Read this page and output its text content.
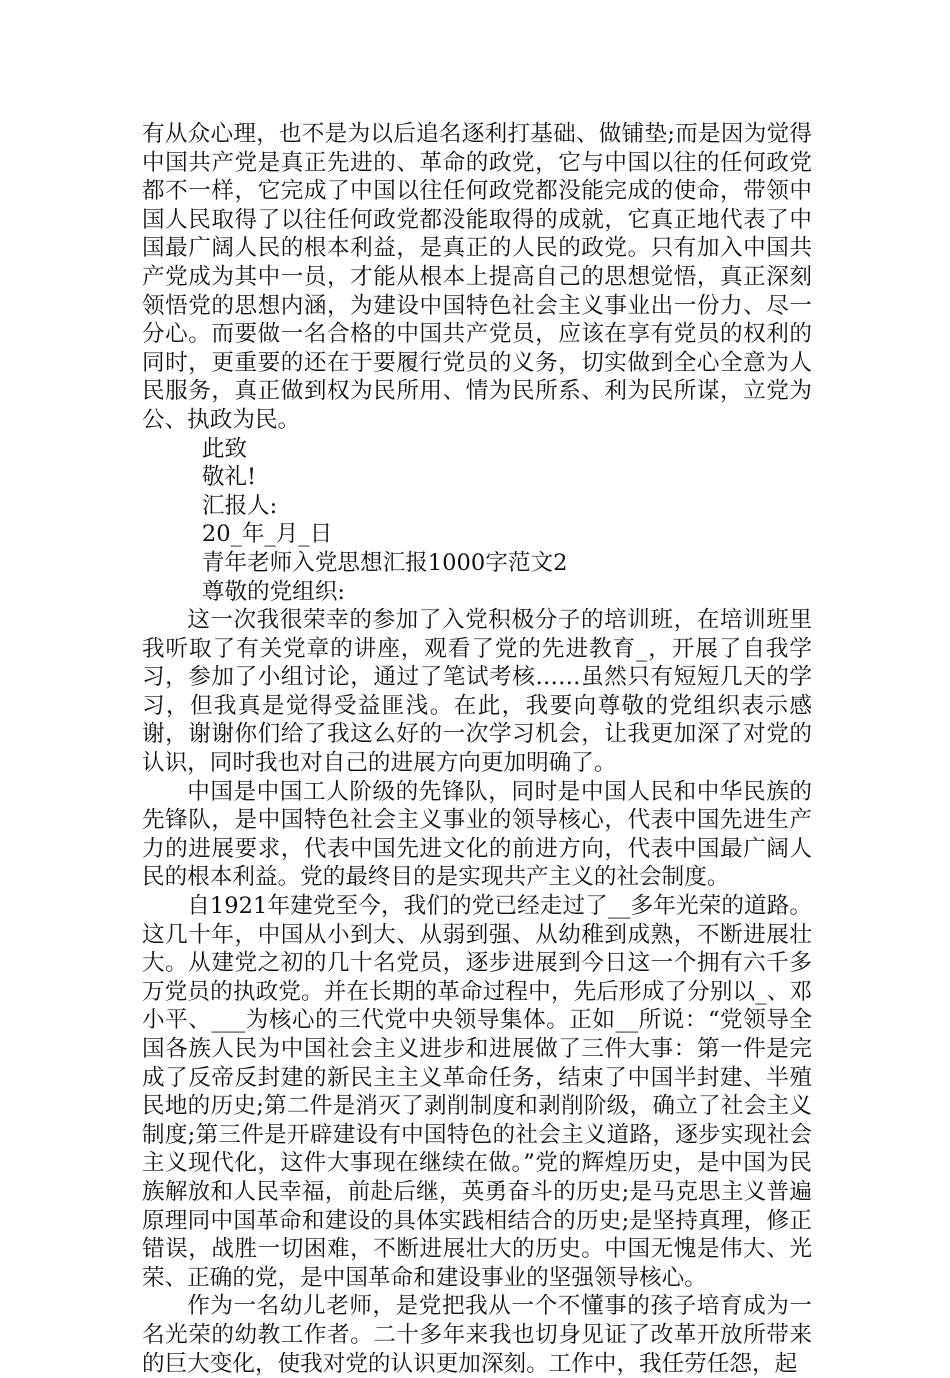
有从众心理，也不是为以后追名逐利打基础、做铺垫;而是因为觉得中国共产党是真正先进的、革命的政党，它与中国以往的任何政党都不一样，它完成了中国以往任何政党都没能完成的使命，带领中国人民取得了以往任何政党都没能取得的成就，它真正地代表了中国最广阔人民的根本利益，是真正的人民的政党。只有加入中国共产党成为其中一员，才能从根本上提高自己的思想觉悟，真正深刻领悟党的思想内涵，为建设中国特色社会主义事业出一份力、尽一分心。而要做一名合格的中国共产党员，应该在享有党员的权利的同时，更重要的还在于要履行党员的义务，切实做到全心全意为人民服务，真正做到权为民所用、情为民所系、利为民所谋，立党为公、执政为民。

此致

敬礼!

汇报人:

20_年_月_日

青年老师入党思想汇报1000字范文2

尊敬的党组织:

这一次我很荣幸的参加了入党积极分子的培训班，在培训班里我听取了有关党章的讲座，观看了党的先进教育_，开展了自我学习，参加了小组讨论，通过了笔试考核……虽然只有短短几天的学习，但我真是觉得受益匪浅。在此，我要向尊敬的党组织表示感谢，谢谢你们给了我这么好的一次学习机会，让我更加深了对党的认识，同时我也对自己的进展方向更加明确了。

中国是中国工人阶级的先锋队，同时是中国人民和中华民族的先锋队，是中国特色社会主义事业的领导核心，代表中国先进生产力的进展要求，代表中国先进文化的前进方向，代表中国最广阔人民的根本利益。党的最终目的是实现共产主义的社会制度。

自1921年建党至今，我们的党已经走过了__多年光荣的道路。这几十年，中国从小到大、从弱到强、从幼稚到成熟，不断进展壮大。从建党之初的几十名党员，逐步进展到今日这一个拥有六千多万党员的执政党。并在长期的革命过程中，先后形成了分别以_、邓小平、___为核心的三代党中央领导集体。正如__所说：“党领导全国各族人民为中国社会主义进步和进展做了三件大事：第一件是完成了反帝反封建的新民主主义革命任务，结束了中国半封建、半殖民地的历史;第二件是消灭了剥削制度和剥削阶级，确立了社会主义制度;第三件是开辟建设有中国特色的社会主义道路，逐步实现社会主义现代化，这件大事现在继续在做。”党的辉煌历史，是中国为民族解放和人民幸福，前赴后继，英勇奋斗的历史;是马克思主义普遍原理同中国革命和建设的具体实践相结合的历史;是坚持真理，修正错误，战胜一切困难，不断进展壮大的历史。中国无愧是伟大、光荣、正确的党，是中国革命和建设事业的坚强领导核心。

作为一名幼儿老师，是党把我从一个不懂事的孩子培育成为一名光荣的幼教工作者。二十多年来我也切身见证了改革开放所带来的巨大变化，使我对党的认识更加深刻。工作中，我任劳任怨，起
